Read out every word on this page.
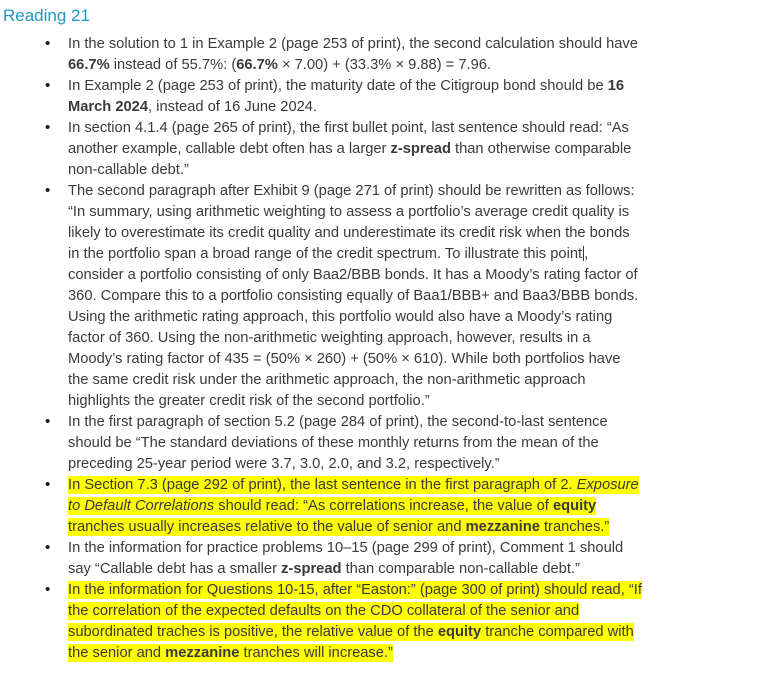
Reading 21
• In the solution to 1 in Example 2 (page 253 of print), the second calculation should have
66.7% instead of 55.7%: (66.7% × 7.00) + (33.3% × 9.88) = 7.96.
• In Example 2 (page 253 of print), the maturity date of the Citigroup bond should be 16
March 2024, instead of 16 June 2024.
• In section 4.1.4 (page 265 of print), the first bullet point, last sentence should read: “As
another example, callable debt often has a larger z-spread than otherwise comparable
non-callable debt.”
• The second paragraph after Exhibit 9 (page 271 of print) should be rewritten as follows:
“In summary, using arithmetic weighting to assess a portfolio’s average credit quality is
likely to overestimate its credit quality and underestimate its credit risk when the bonds
in the portfolio span a broad range of the credit spectrum. To illustrate this point ,
consider a portfolio consisting of only Baa2/BBB bonds. It has a Moody’s rating factor of
360. Compare this to a portfolio consisting equally of Baa1/BBB+ and Baa3/BBB bonds.
Using the arithmetic rating approach, this portfolio would also have a Moody’s rating
factor of 360. Using the non-arithmetic weighting approach, however, results in a
Moody’s rating factor of 435 = (50% × 260) + (50% × 610). While both portfolios have
the same credit risk under the arithmetic approach, the non-arithmetic approach
highlights the greater credit risk of the second portfolio.”
• In the first paragraph of section 5.2 (page 284 of print), the second-to-last sentence
should be “The standard deviations of these monthly returns from the mean of the
preceding 25-year period were 3.7, 3.0, 2.0, and 3.2, respectively.”
• In Section 7.3 (page 292 of print), the last sentence in the first paragraph of 2. Exposure
to Default Correlations should read: “As correlations increase, the value of equity
tranches usually increases relative to the value of senior and mezzanine tranches.”
• In the information for practice problems 10–15 (page 299 of print), Comment 1 should
say “Callable debt has a smaller z-spread than comparable non-callable debt.”
• In the information for Questions 10-15, after “Easton:” (page 300 of print) should read, “If
the correlation of the expected defaults on the CDO collateral of the senior and
subordinated traches is positive, the relative value of the equity tranche compared with
the senior and mezzanine tranches will increase.”
